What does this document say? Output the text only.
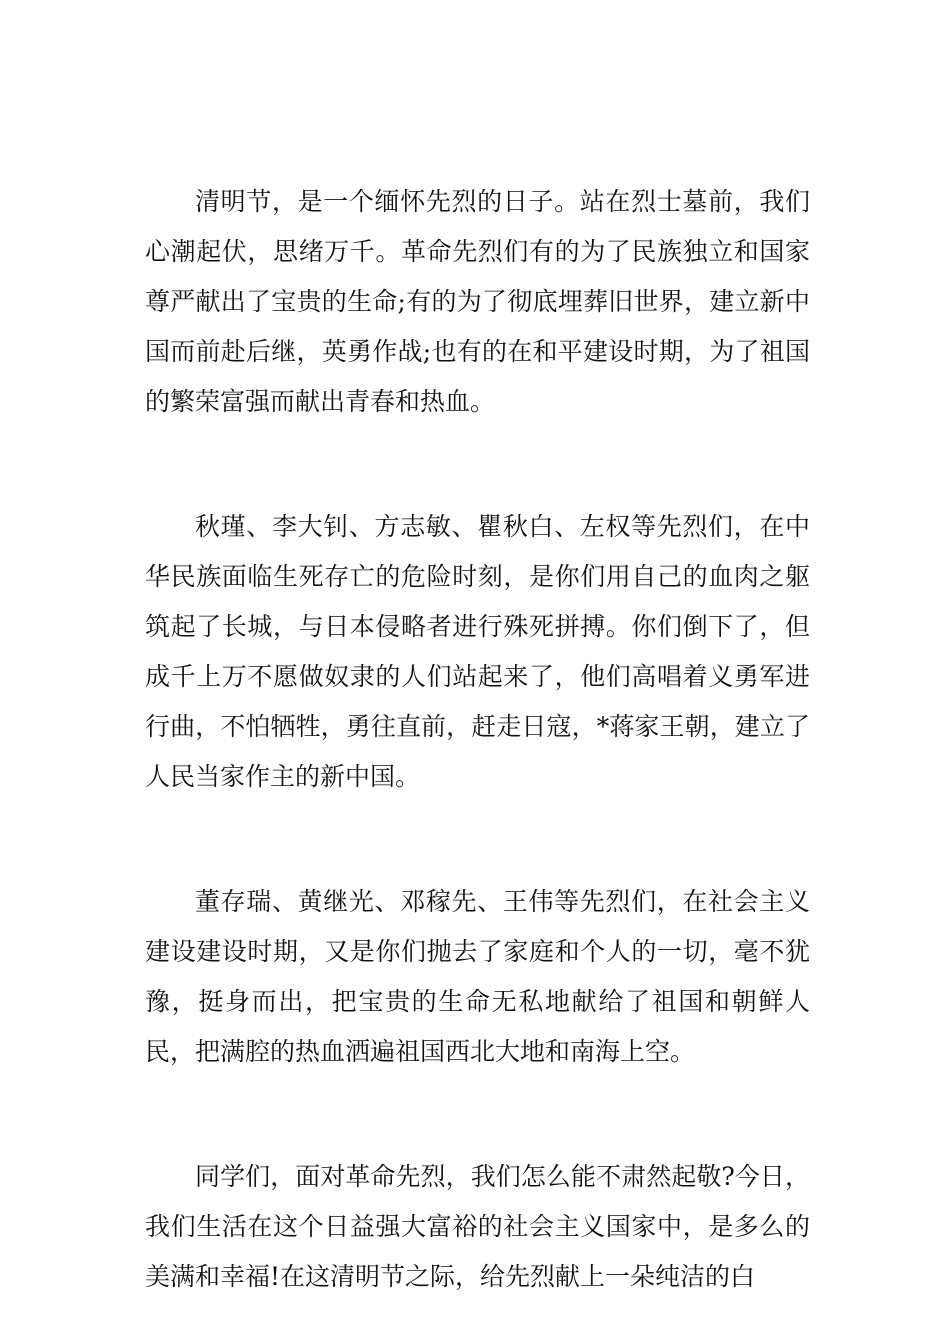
清明节，是一个缅怀先烈的日子。站在烈士墓前，我们心潮起伏，思绪万千。革命先烈们有的为了民族独立和国家尊严献出了宝贵的生命;有的为了彻底埋葬旧世界，建立新中国而前赴后继，英勇作战;也有的在和平建设时期，为了祖国的繁荣富强而献出青春和热血。

秋瑾、李大钊、方志敏、瞿秋白、左权等先烈们，在中华民族面临生死存亡的危险时刻，是你们用自己的血肉之躯筑起了长城，与日本侵略者进行殊死拼搏。你们倒下了，但成千上万不愿做奴隶的人们站起来了，他们高唱着义勇军进行曲，不怕牺牲，勇往直前，赶走日寇，*蒋家王朝，建立了人民当家作主的新中国。

董存瑞、黄继光、邓稼先、王伟等先烈们，在社会主义建设建设时期，又是你们抛去了家庭和个人的一切，毫不犹豫，挺身而出，把宝贵的生命无私地献给了祖国和朝鲜人民，把满腔的热血洒遍祖国西北大地和南海上空。

同学们，面对革命先烈，我们怎么能不肃然起敬?今日，我们生活在这个日益强大富裕的社会主义国家中，是多么的美满和幸福!在这清明节之际，给先烈献上一朵纯洁的白
